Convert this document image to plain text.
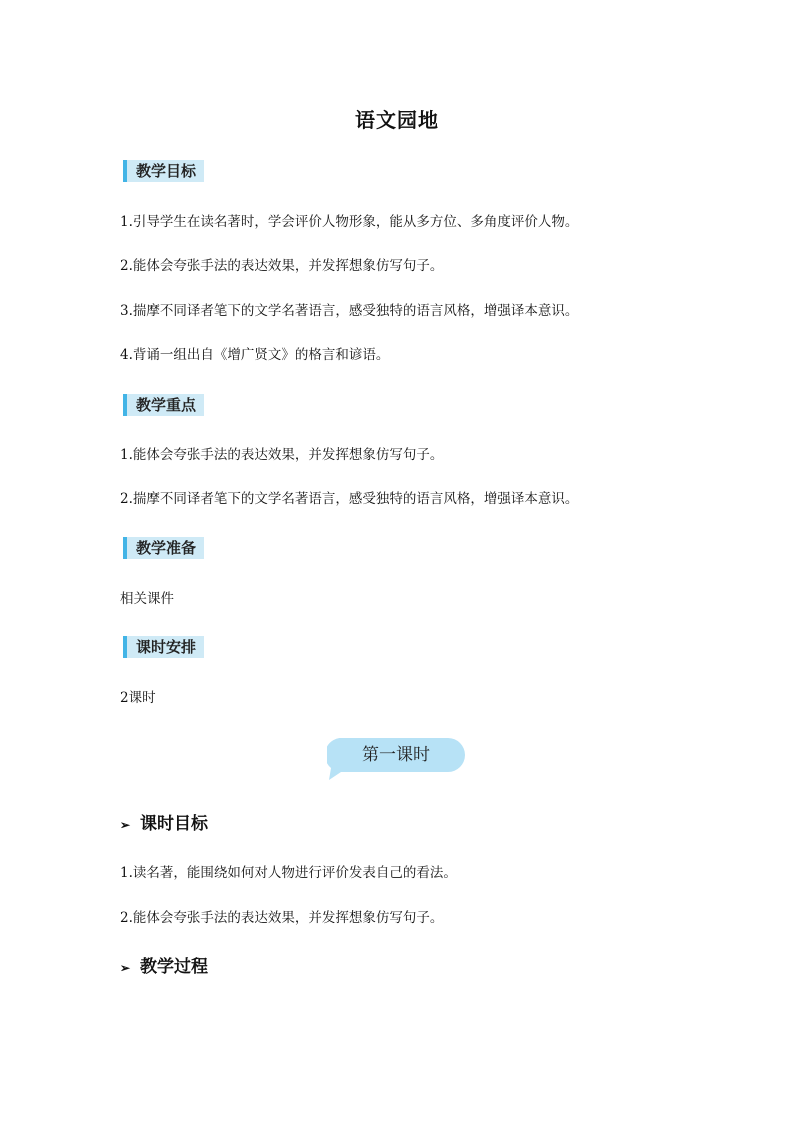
语文园地
教学目标
1.引导学生在读名著时，学会评价人物形象，能从多方位、多角度评价人物。
2.能体会夸张手法的表达效果，并发挥想象仿写句子。
3.揣摩不同译者笔下的文学名著语言，感受独特的语言风格，增强译本意识。
4.背诵一组出自《增广贤文》的格言和谚语。
教学重点
1.能体会夸张手法的表达效果，并发挥想象仿写句子。
2.揣摩不同译者笔下的文学名著语言，感受独特的语言风格，增强译本意识。
教学准备
相关课件
课时安排
2课时
第一课时
➢ 课时目标
1.读名著，能围绕如何对人物进行评价发表自己的看法。
2.能体会夸张手法的表达效果，并发挥想象仿写句子。
➢ 教学过程
